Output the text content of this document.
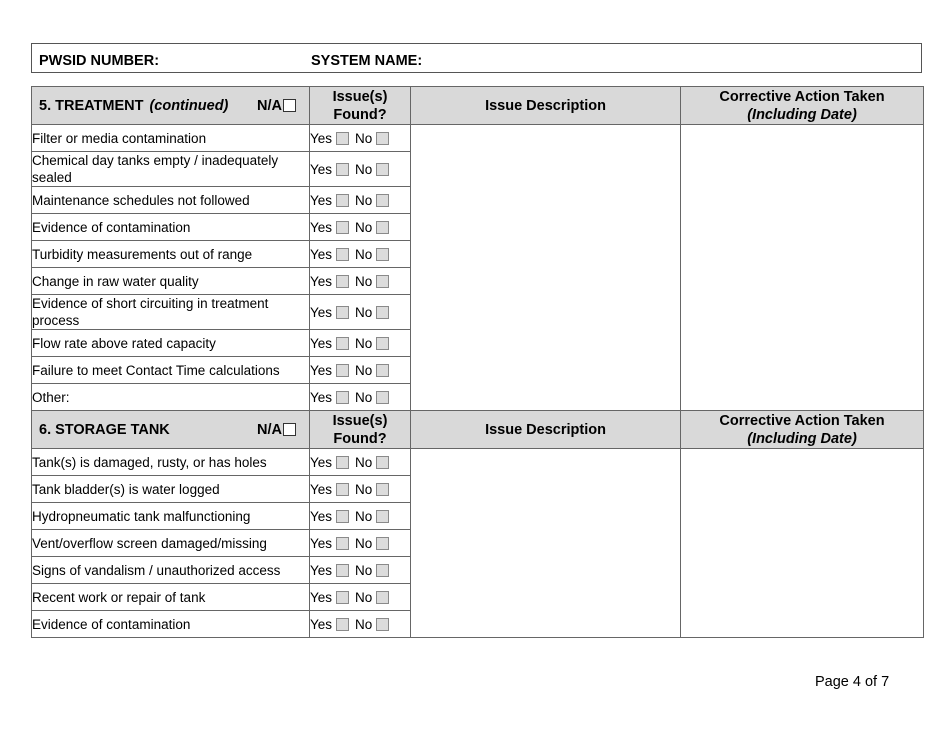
PWSID NUMBER:	SYSTEM NAME:
5. TREATMENT (continued) N/A	Issue(s)
Found?	Issue Description	Corrective Action Taken
(Including Date)
Filter or media contamination	Yes No		
Chemical day tanks empty / inadequately sealed	Yes No		
Maintenance schedules not followed	Yes No		
Evidence of contamination	Yes No		
Turbidity measurements out of range	Yes No		
Change in raw water quality	Yes No		
Evidence of short circuiting in treatment process	Yes No		
Flow rate above rated capacity	Yes No		
Failure to meet Contact Time calculations	Yes No		
Other:	Yes No		

6. STORAGE TANK N/A	Issue(s)
Found?	Issue Description	Corrective Action Taken
(Including Date)
Tank(s) is damaged, rusty, or has holes	Yes No		
Tank bladder(s) is water logged	Yes No		
Hydropneumatic tank malfunctioning	Yes No		
Vent/overflow screen damaged/missing	Yes No		
Signs of vandalism / unauthorized access	Yes No		
Recent work or repair of tank	Yes No		
Evidence of contamination	Yes No		
Page 4 of 7
